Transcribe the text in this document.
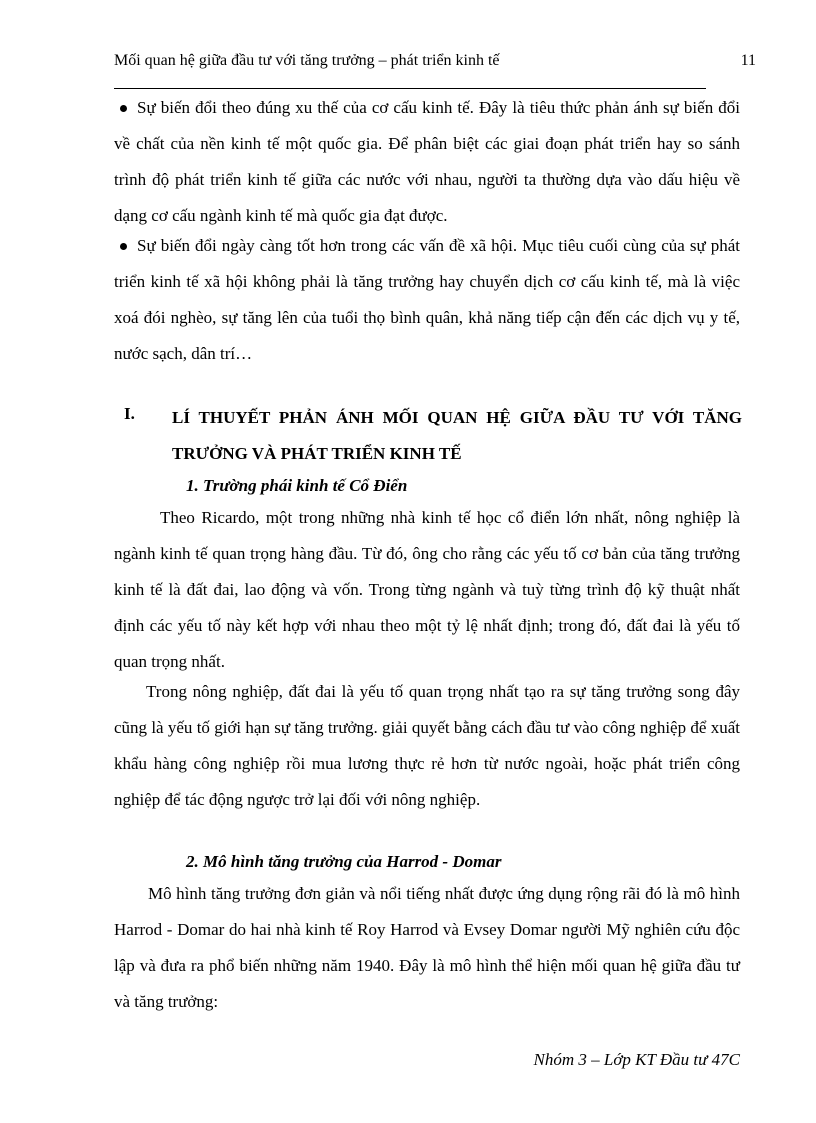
Mối quan hệ giữa đầu tư với tăng trưởng – phát triển kinh tế	11

Sự biến đổi theo đúng xu thế của cơ cấu kinh tế. Đây là tiêu thức phản ánh sự biến đổi về chất của nền kinh tế một quốc gia. Để phân biệt các giai đoạn phát triển hay so sánh trình độ phát triển kinh tế giữa các nước với nhau, người ta thường dựa vào dấu hiệu về dạng cơ cấu ngành kinh tế mà quốc gia đạt được.

Sự biến đổi ngày càng tốt hơn trong các vấn đề xã hội. Mục tiêu cuối cùng của sự phát triển kinh tế xã hội không phải là tăng trưởng hay chuyển dịch cơ cấu kinh tế, mà là việc xoá đói nghèo, sự tăng lên của tuổi thọ bình quân, khả năng tiếp cận đến các dịch vụ y tế, nước sạch, dân trí…

I. LÍ THUYẾT PHẢN ÁNH MỐI QUAN HỆ GIỮA ĐẦU TƯ VỚI TĂNG TRƯỞNG VÀ PHÁT TRIỂN KINH TẾ
1. Trường phái kinh tế Cổ Điển

Theo Ricardo, một trong những nhà kinh tế học cổ điển lớn nhất, nông nghiệp là ngành kinh tế quan trọng hàng đầu. Từ đó, ông cho rằng các yếu tố cơ bản của tăng trưởng kinh tế là đất đai, lao động và vốn. Trong từng ngành và tuỳ từng trình độ kỹ thuật nhất định các yếu tố này kết hợp với nhau theo một tỷ lệ nhất định; trong đó, đất đai là yếu tố quan trọng nhất.

Trong nông nghiệp, đất đai là yếu tố quan trọng nhất tạo ra sự tăng trưởng song đây cũng là yếu tố giới hạn sự tăng trưởng. giải quyết bằng cách đầu tư vào công nghiệp để xuất khẩu hàng công nghiệp rồi mua lương thực rẻ hơn từ nước ngoài, hoặc phát triển công nghiệp để tác động ngược trở lại đối với nông nghiệp.

2. Mô hình tăng trưởng của Harrod - Domar

Mô hình tăng trưởng đơn giản và nổi tiếng nhất được ứng dụng rộng rãi đó là mô hình Harrod - Domar do hai nhà kinh tế Roy Harrod và Evsey Domar người Mỹ nghiên cứu độc lập và đưa ra phổ biến những năm 1940. Đây là mô hình thể hiện mối quan hệ giữa đầu tư và tăng trưởng:

Nhóm 3 – Lớp KT Đầu tư 47C
